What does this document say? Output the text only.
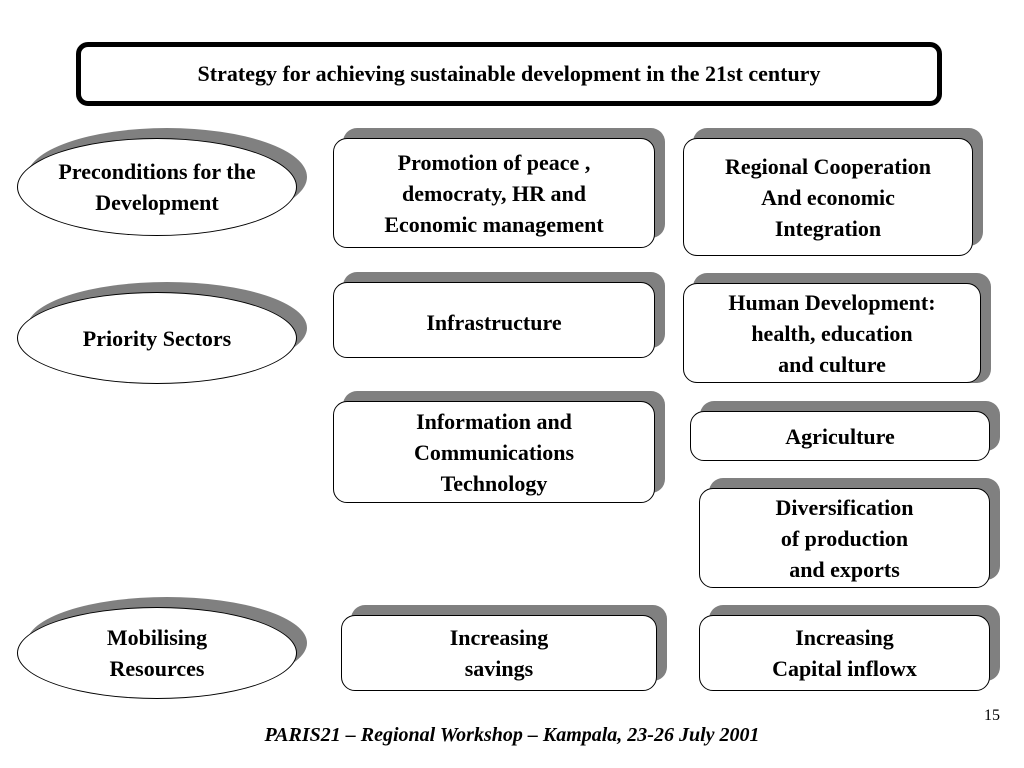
Strategy for achieving sustainable development in the 21st century
Preconditions for the
Development
Priority Sectors
Mobilising
Resources
Promotion of peace ,
democraty, HR and
Economic management
Regional Cooperation
And economic
Integration
Infrastructure
Human Development:
health, education
and culture
Information and
Communications
Technology
Agriculture
Diversification
of production
and exports
Increasing
savings
Increasing
Capital inflowx
15
PARIS21 – Regional Workshop – Kampala, 23-26 July 2001
